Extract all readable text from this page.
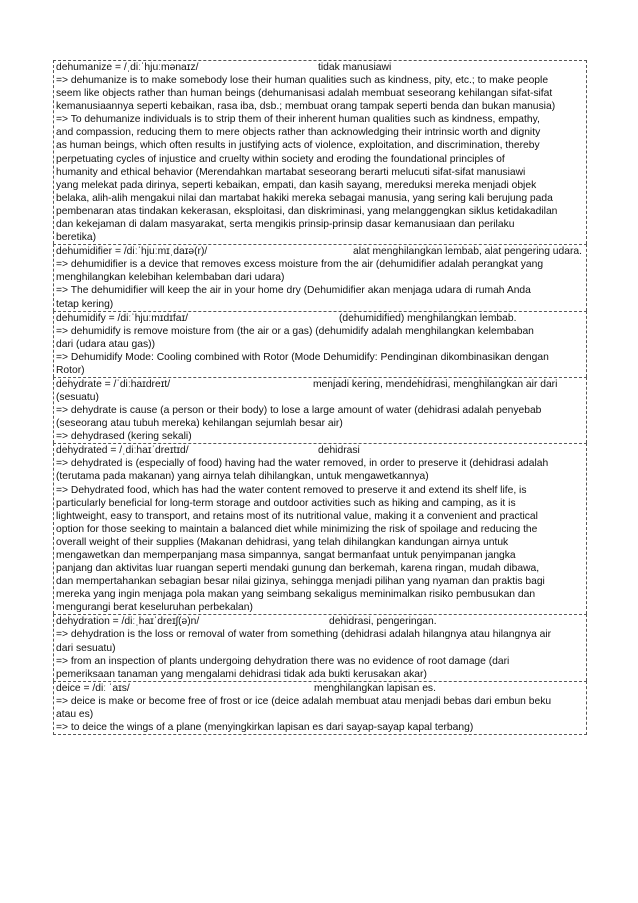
dehumanize = /ˌdiːˈhjuːmənaɪz/	tidak manusiawi
=> dehumanize is to make somebody lose their human qualities such as kindness, pity, etc.; to make people
seem like objects rather than human beings (dehumanisasi adalah membuat seseorang kehilangan sifat-sifat
kemanusiaannya seperti kebaikan, rasa iba, dsb.; membuat orang tampak seperti benda dan bukan manusia)
=> To dehumanize individuals is to strip them of their inherent human qualities such as kindness, empathy,
and compassion, reducing them to mere objects rather than acknowledging their intrinsic worth and dignity
as human beings, which often results in justifying acts of violence, exploitation, and discrimination, thereby
perpetuating cycles of injustice and cruelty within society and eroding the foundational principles of
humanity and ethical behavior (Merendahkan martabat seseorang berarti melucuti sifat-sifat manusiawi
yang melekat pada dirinya, seperti kebaikan, empati, dan kasih sayang, mereduksi mereka menjadi objek
belaka, alih-alih mengakui nilai dan martabat hakiki mereka sebagai manusia, yang sering kali berujung pada
pembenaran atas tindakan kekerasan, eksploitasi, dan diskriminasi, yang melanggengkan siklus ketidakadilan
dan kekejaman di dalam masyarakat, serta mengikis prinsip-prinsip dasar kemanusiaan dan perilaku
beretika)
dehumidifier = /diːˈhjuːmɪˌdaɪə(r)/	alat menghilangkan lembab, alat pengering udara.
=> dehumidifier is a device that removes excess moisture from the air (dehumidifier adalah perangkat yang
menghilangkan kelebihan kelembaban dari udara)
=> The dehumidifier will keep the air in your home dry (Dehumidifier akan menjaga udara di rumah Anda
tetap kering)
dehumidify = /diːˈhjuːmɪdɪfaɪ/	(dehumidified) menghilangkan lembab.
=> dehumidify is remove moisture from (the air or a gas) (dehumidify adalah menghilangkan kelembaban
dari (udara atau gas))
=> Dehumidify Mode: Cooling combined with Rotor (Mode Dehumidify: Pendinginan dikombinasikan dengan
Rotor)
dehydrate = /ˈdiːhaɪdreɪt/	menjadi kering, mendehidrasi, menghilangkan air dari
(sesuatu)
=> dehydrate is cause (a person or their body) to lose a large amount of water (dehidrasi adalah penyebab
(seseorang atau tubuh mereka) kehilangan sejumlah besar air)
=> dehydrased (kering sekali)
dehydrated = /ˌdiːhaɪˈdreɪtɪd/	dehidrasi
=> dehydrated is (especially of food) having had the water removed, in order to preserve it (dehidrasi adalah
(terutama pada makanan) yang airnya telah dihilangkan, untuk mengawetkannya)
=> Dehydrated food, which has had the water content removed to preserve it and extend its shelf life, is
particularly beneficial for long-term storage and outdoor activities such as hiking and camping, as it is
lightweight, easy to transport, and retains most of its nutritional value, making it a convenient and practical
option for those seeking to maintain a balanced diet while minimizing the risk of spoilage and reducing the
overall weight of their supplies (Makanan dehidrasi, yang telah dihilangkan kandungan airnya untuk
mengawetkan dan memperpanjang masa simpannya, sangat bermanfaat untuk penyimpanan jangka
panjang dan aktivitas luar ruangan seperti mendaki gunung dan berkemah, karena ringan, mudah dibawa,
dan mempertahankan sebagian besar nilai gizinya, sehingga menjadi pilihan yang nyaman dan praktis bagi
mereka yang ingin menjaga pola makan yang seimbang sekaligus meminimalkan risiko pembusukan dan
mengurangi berat keseluruhan perbekalan)
dehydration = /diːˌhaɪˈdreɪʃ(ə)n/	dehidrasi, pengeringan.
=> dehydration is the loss or removal of water from something (dehidrasi adalah hilangnya atau hilangnya air
dari sesuatu)
=> from an inspection of plants undergoing dehydration there was no evidence of root damage (dari
pemeriksaan tanaman yang mengalami dehidrasi tidak ada bukti kerusakan akar)
deice = /diː ˈaɪs/	menghilangkan lapisan es.
=> deice is make or become free of frost or ice (deice adalah membuat atau menjadi bebas dari embun beku
atau es)
=> to deice the wings of a plane (menyingkirkan lapisan es dari sayap-sayap kapal terbang)
